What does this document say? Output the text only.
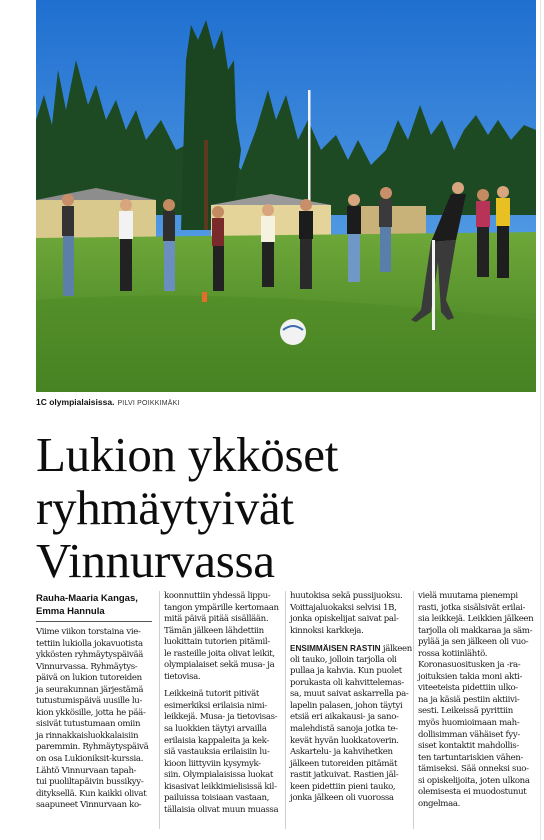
1C olympialaisissa. PILVI POIKKIMÄKI
Lukion ykköset
ryhmäytyivät
Vinnurvassa
Rauha-Maaria Kangas,
Emma Hannula
Viime viikon torstaina vie-
tettiin lukiolla jokavuotista
ykkösten ryhmäytyspäivää
Vinnurvassa. Ryhmäytys-
päivä on lukion tutoreiden
ja seurakunnan järjestämä
tutustumispäivä uusille lu-
kion ykkösille, jotta he pää-
sisivät tutustumaan omiin
ja rinnakkaisluokkalaisiin
paremmin. Ryhmäytyspäivä
on osa Lukioniksit-kurssia.
Lähtö Vinnurvaan tapah-
tui puoliltapäivin bussikyy-
dityksellä. Kun kaikki olivat
saapuneet Vinnurvaan ko-
koonnuttiin yhdessä lippu-
tangon ympärille kertomaan
mitä päivä pitää sisällään.
Tämän jälkeen lähdettiin
luokittain tutorien pitämil-
le rasteille joita olivat leikit,
olympialaiset sekä musa- ja
tietovisa.
Leikkeinä tutorit pitivät
esimerkiksi erilaisia nimi-
leikkejä. Musa- ja tietovisas-
sa luokkien täytyi arvailla
erilaisia kappaleita ja kek-
siä vastauksia erilaisiin lu-
kioon liittyviin kysymyk-
siin. Olympialaisissa luokat
kisasivat leikkimielisissä kil-
pailuissa toisiaan vastaan,
tällaisia olivat muun muassa
huutokisa sekä pussijuoksu.
Voittajaluokaksi selvisi 1B,
jonka opiskelijat saivat pal-
kinnoksi karkkeja.
ENSIMMÄISEN RASTIN jälkeen
oli tauko, jolloin tarjolla oli
pullaa ja kahvia. Kun puolet
porukasta oli kahvittelemas-
sa, muut saivat askarrella pa-
lapelin palasen, johon täytyi
etsiä eri aikakausi- ja sano-
malehdistä sanoja jotka te-
kevät hyvän luokkatoverin.
Askartelu- ja kahvihetken
jälkeen tutoreiden pitämät
rastit jatkuivat. Rastien jäl-
keen pidettiin pieni tauko,
jonka jälkeen oli vuorossa
vielä muutama pienempi
rasti, jotka sisälsivät erilai-
sia leikkejä. Leikkien jälkeen
tarjolla oli makkaraa ja säm-
pylää ja sen jälkeen oli vuo-
rossa kotiinlähtö.
Koronasuositusken ja -ra-
joituksien takia moni akti-
viteeteista pidettiin ulko-
na ja käsiä pestiin aktiivi-
sesti. Leikeissä pyrittiin
myös huomioimaan mah-
dollisimman vähäiset fyy-
siset kontaktit mahdollis-
ten tartuntariskien vähen-
tämiseksi. Sää onneksi suo-
si opiskelijoita, joten ulkona
olemisesta ei muodostunut
ongelmaa.
